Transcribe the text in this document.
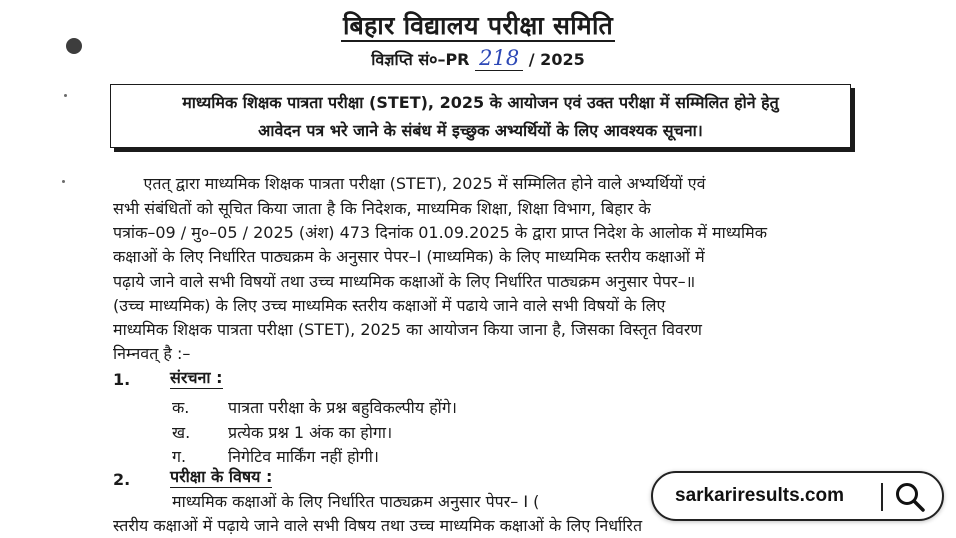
बिहार विद्यालय परीक्षा समिति
विज्ञप्ति सं०–PR 218 / 2025
माध्यमिक शिक्षक पात्रता परीक्षा (STET), 2025 के आयोजन एवं उक्त परीक्षा में सम्मिलित होने हेतु
आवेदन पत्र भरे जाने के संबंध में इच्छुक अभ्यर्थियों के लिए आवश्यक सूचना।
एतत् द्वारा माध्यमिक शिक्षक पात्रता परीक्षा (STET), 2025 में सम्मिलित होने वाले अभ्यर्थियों एवं
सभी संबंधितों को सूचित किया जाता है कि निदेशक, माध्यमिक शिक्षा, शिक्षा विभाग, बिहार के
पत्रांक–09 / मु०–05 / 2025 (अंश) 473 दिनांक 01.09.2025 के द्वारा प्राप्त निदेश के आलोक में माध्यमिक
कक्षाओं के लिए निर्धारित पाठ्यक्रम के अनुसार पेपर–I (माध्यमिक) के लिए माध्यमिक स्तरीय कक्षाओं में
पढ़ाये जाने वाले सभी विषयों तथा उच्च माध्यमिक कक्षाओं के लिए निर्धारित पाठ्यक्रम अनुसार पेपर–॥
(उच्च माध्यमिक) के लिए उच्च माध्यमिक स्तरीय कक्षाओं में पढाये जाने वाले सभी विषयों के लिए
माध्यमिक शिक्षक पात्रता परीक्षा (STET), 2025 का आयोजन किया जाना है, जिसका विस्तृत विवरण
निम्नवत् है :–
1. संरचना :
क. पात्रता परीक्षा के प्रश्न बहुविकल्पीय होंगे।
ख. प्रत्येक प्रश्न 1 अंक का होगा।
ग.	निगेटिव मार्किंग नहीं होगी।
2. परीक्षा के विषय :
माध्यमिक कक्षाओं के लिए निर्धारित पाठ्यक्रम अनुसार पेपर– I (
स्तरीय कक्षाओं में पढ़ाये जाने वाले सभी विषय तथा उच्च माध्यमिक कक्षाओं के लिए निर्धारित
sarkariresults.com
